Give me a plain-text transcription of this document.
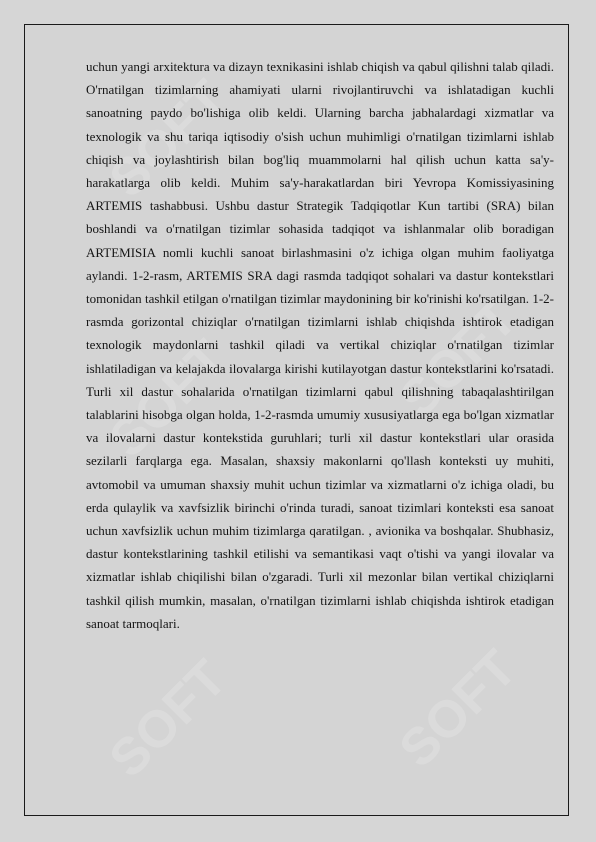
SOFT
SOFT
SOFT	SOFT
SOFT

uchun yangi arxitektura va dizayn texnikasini ishlab chiqish va qabul qilishni talab qiladi. O'rnatilgan tizimlarning ahamiyati ularni rivojlantiruvchi va ishlatadigan kuchli sanoatning paydo bo'lishiga olib keldi. Ularning barcha jabhalardagi xizmatlar va texnologik va shu tariqa iqtisodiy o'sish uchun muhimligi o'rnatilgan tizimlarni ishlab chiqish va joylashtirish bilan bog'liq muammolarni hal qilish uchun katta sa'y-harakatlarga olib keldi. Muhim sa'y-harakatlardan biri Yevropa Komissiyasining ARTEMIS tashabbusi. Ushbu dastur Strategik Tadqiqotlar Kun tartibi (SRA) bilan boshlandi va o'rnatilgan tizimlar sohasida tadqiqot va ishlanmalar olib boradigan ARTEMISIA nomli kuchli sanoat birlashmasini o'z ichiga olgan muhim faoliyatga aylandi. 1-2-rasm, ARTEMIS SRA dagi rasmda tadqiqot sohalari va dastur kontekstlari tomonidan tashkil etilgan o'rnatilgan tizimlar maydonining bir ko'rinishi ko'rsatilgan. 1-2-rasmda gorizontal chiziqlar o'rnatilgan tizimlarni ishlab chiqishda ishtirok etadigan texnologik maydonlarni tashkil qiladi va vertikal chiziqlar o'rnatilgan tizimlar ishlatiladigan va kelajakda ilovalarga kirishi kutilayotgan dastur kontekstlarini ko'rsatadi. Turli xil dastur sohalarida o'rnatilgan tizimlarni qabul qilishning tabaqalashtirilgan talablarini hisobga olgan holda, 1-2-rasmda umumiy xususiyatlarga ega bo'lgan xizmatlar va ilovalarni dastur kontekstida guruhlari; turli xil dastur kontekstlari ular orasida sezilarli farqlarga ega. Masalan, shaxsiy makonlarni qo'llash konteksti uy muhiti, avtomobil va umuman shaxsiy muhit uchun tizimlar va xizmatlarni o'z ichiga oladi, bu erda qulaylik va xavfsizlik birinchi o'rinda turadi, sanoat tizimlari konteksti esa sanoat uchun xavfsizlik uchun muhim tizimlarga qaratilgan. , avionika va boshqalar. Shubhasiz, dastur kontekstlarining tashkil etilishi va semantikasi vaqt o'tishi va yangi ilovalar va xizmatlar ishlab chiqilishi bilan o'zgaradi. Turli xil mezonlar bilan vertikal chiziqlarni tashkil qilish mumkin, masalan, o'rnatilgan tizimlarni ishlab chiqishda ishtirok etadigan sanoat tarmoqlari.
